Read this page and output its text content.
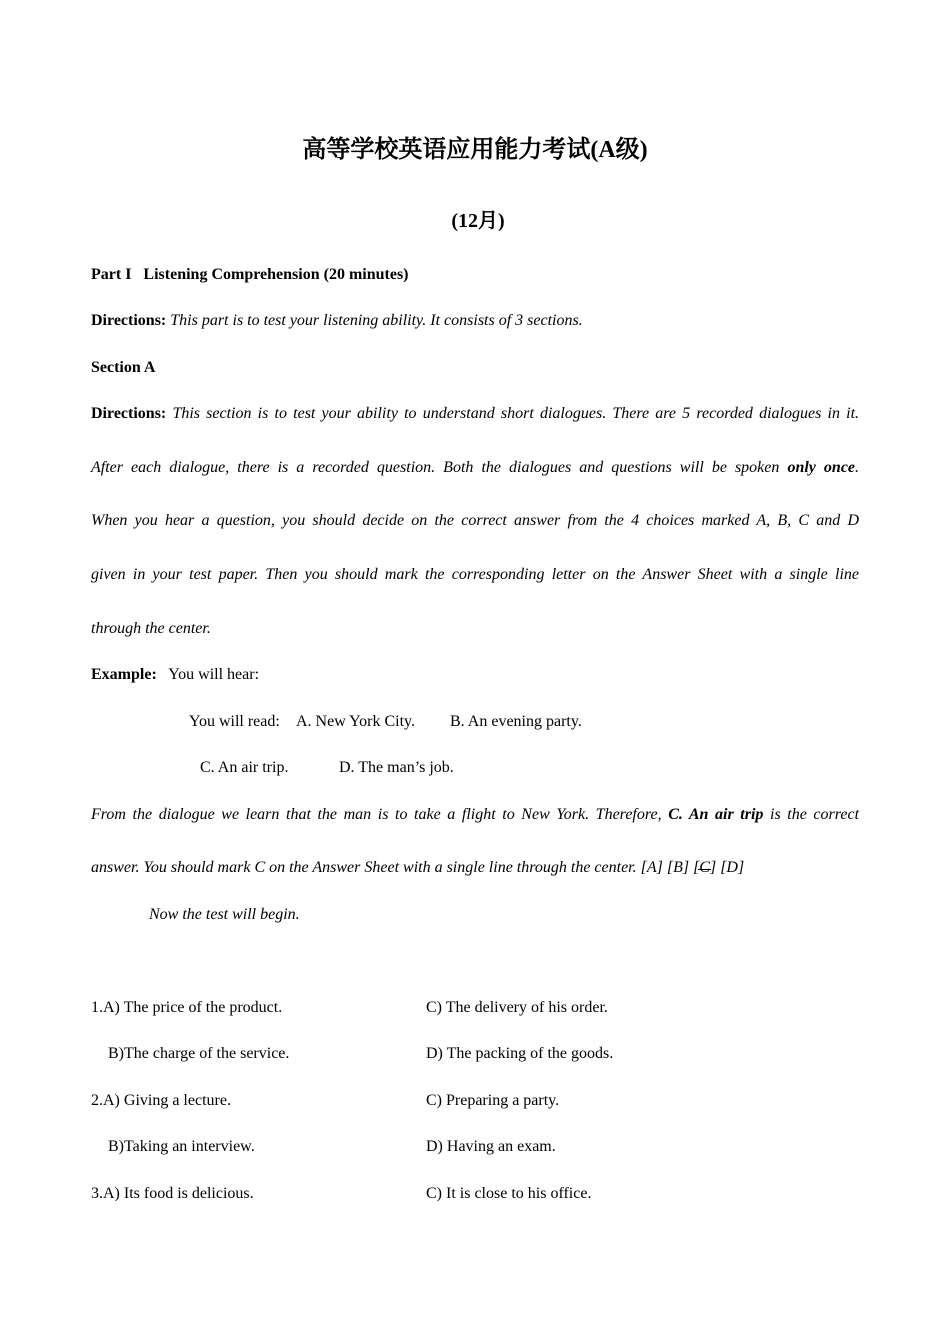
高等学校英语应用能力考试(A级)
(12月)
Part I   Listening Comprehension (20 minutes)
Directions: This part is to test your listening ability. It consists of 3 sections.
Section A
Directions: This section is to test your ability to understand short dialogues. There are 5 recorded dialogues in it.
After each dialogue, there is a recorded question. Both the dialogues and questions will be spoken only once.
When you hear a question, you should decide on the correct answer from the 4 choices marked A, B, C and D
given in your test paper. Then you should mark the corresponding letter on the Answer Sheet with a single line
through the center.
Example: You will hear:
You will read: A. New York City. B. An evening party.
C. An air trip.	D. The man’s job.
From the dialogue we learn that the man is to take a flight to New York. Therefore, C. An air trip is the correct
answer. You should mark C on the Answer Sheet with a single line through the center. [A] [B] [C] [D]
Now the test will begin.
1.A) The price of the product.	C) The delivery of his order.
B)The charge of the service.	D) The packing of the goods.
2.A) Giving a lecture.	C) Preparing a party.
B)Taking an interview.	D) Having an exam.
3.A) Its food is delicious.	C) It is close to his office.
